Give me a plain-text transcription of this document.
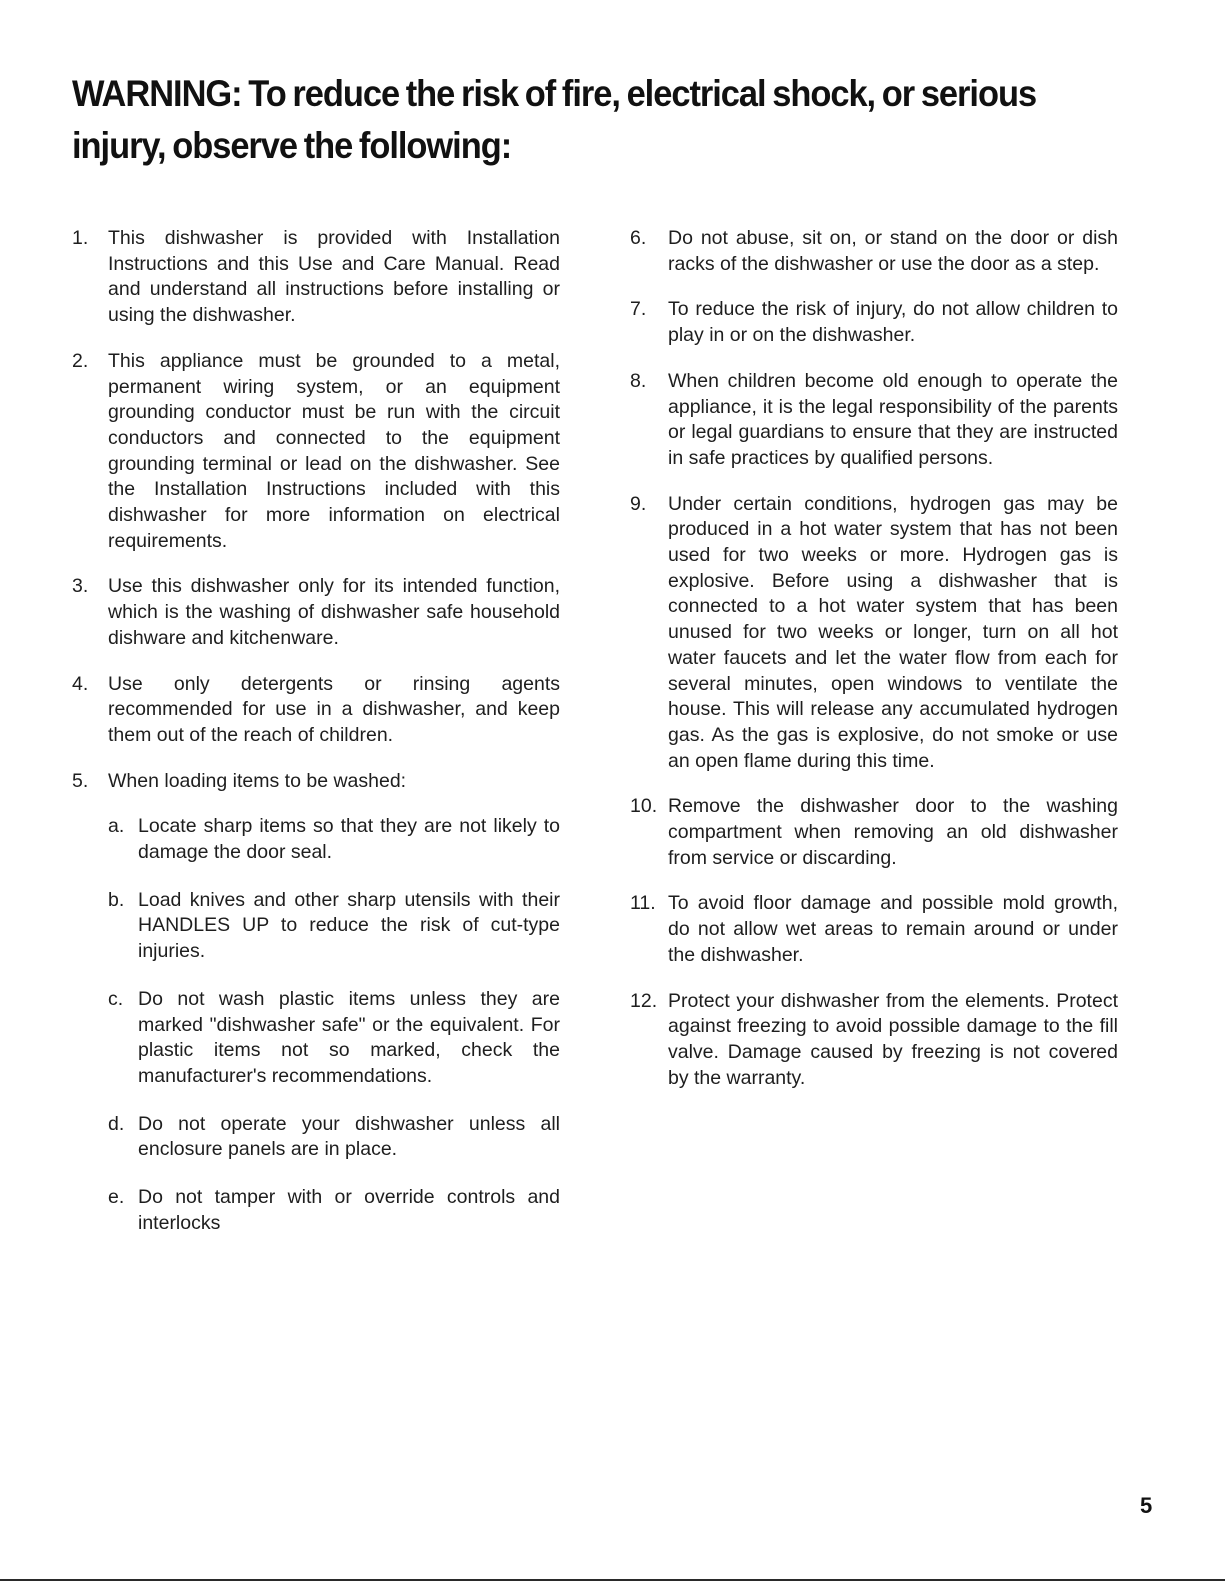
WARNING: To reduce the risk of fire, electrical shock, or serious injury, observe the following:
1. This dishwasher is provided with Installation Instructions and this Use and Care Manual. Read and understand all instructions before installing or using the dishwasher.
2. This appliance must be grounded to a metal, permanent wiring system, or an equipment grounding conductor must be run with the circuit conductors and connected to the equipment grounding terminal or lead on the dishwasher. See the Installation Instructions included with this dishwasher for more information on electrical requirements.
3. Use this dishwasher only for its intended function, which is the washing of dishwasher safe household dishware and kitchenware.
4. Use only detergents or rinsing agents recommended for use in a dishwasher, and keep them out of the reach of children.
5. When loading items to be washed:
a. Locate sharp items so that they are not likely to damage the door seal.
b. Load knives and other sharp utensils with their HANDLES UP to reduce the risk of cut-type injuries.
c. Do not wash plastic items unless they are marked "dishwasher safe" or the equivalent. For plastic items not so marked, check the manufacturer's recommendations.
d. Do not operate your dishwasher unless all enclosure panels are in place.
e. Do not tamper with or override controls and interlocks
6. Do not abuse, sit on, or stand on the door or dish racks of the dishwasher or use the door as a step.
7. To reduce the risk of injury, do not allow children to play in or on the dishwasher.
8. When children become old enough to operate the appliance, it is the legal responsibility of the parents or legal guardians to ensure that they are instructed in safe practices by qualified persons.
9. Under certain conditions, hydrogen gas may be produced in a hot water system that has not been used for two weeks or more. Hydrogen gas is explosive. Before using a dishwasher that is connected to a hot water system that has been unused for two weeks or longer, turn on all hot water faucets and let the water flow from each for several minutes, open windows to ventilate the house. This will release any accumulated hydrogen gas. As the gas is explosive, do not smoke or use an open flame during this time.
10. Remove the dishwasher door to the washing compartment when removing an old dishwasher from service or discarding.
11. To avoid floor damage and possible mold growth, do not allow wet areas to remain around or under the dishwasher.
12. Protect your dishwasher from the elements. Protect against freezing to avoid possible damage to the fill valve. Damage caused by freezing is not covered by the warranty.
5
